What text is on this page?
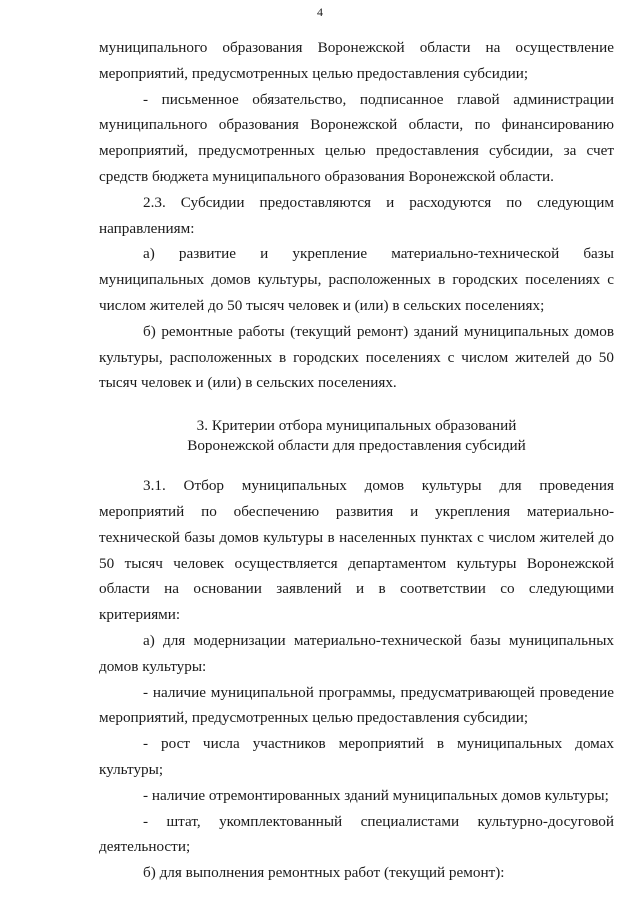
4

муниципального образования Воронежской области на осуществление мероприятий, предусмотренных целью предоставления субсидии;

- письменное обязательство, подписанное главой администрации муниципального образования Воронежской области, по финансированию мероприятий, предусмотренных целью предоставления субсидии, за счет средств бюджета муниципального образования Воронежской области.

2.3. Субсидии предоставляются и расходуются по следующим направлениям:

а) развитие и укрепление материально-технической базы муниципальных домов культуры, расположенных в городских поселениях с числом жителей до 50 тысяч человек и (или) в сельских поселениях;

б) ремонтные работы (текущий ремонт) зданий муниципальных домов культуры, расположенных в городских поселениях с числом жителей до 50 тысяч человек и (или) в сельских поселениях.

3. Критерии отбора муниципальных образований

Воронежской области для предоставления субсидий

3.1. Отбор муниципальных домов культуры для проведения мероприятий по обеспечению развития и укрепления материально-технической базы домов культуры в населенных пунктах с числом жителей до 50 тысяч человек осуществляется департаментом культуры Воронежской области на основании заявлений и в соответствии со следующими критериями:

а) для модернизации материально-технической базы муниципальных домов культуры:

- наличие муниципальной программы, предусматривающей проведение мероприятий, предусмотренных целью предоставления субсидии;

- рост числа участников мероприятий в муниципальных домах культуры;

- наличие отремонтированных зданий муниципальных домов культуры;

- штат, укомплектованный специалистами культурно-досуговой деятельности;

б) для выполнения ремонтных работ (текущий ремонт):
